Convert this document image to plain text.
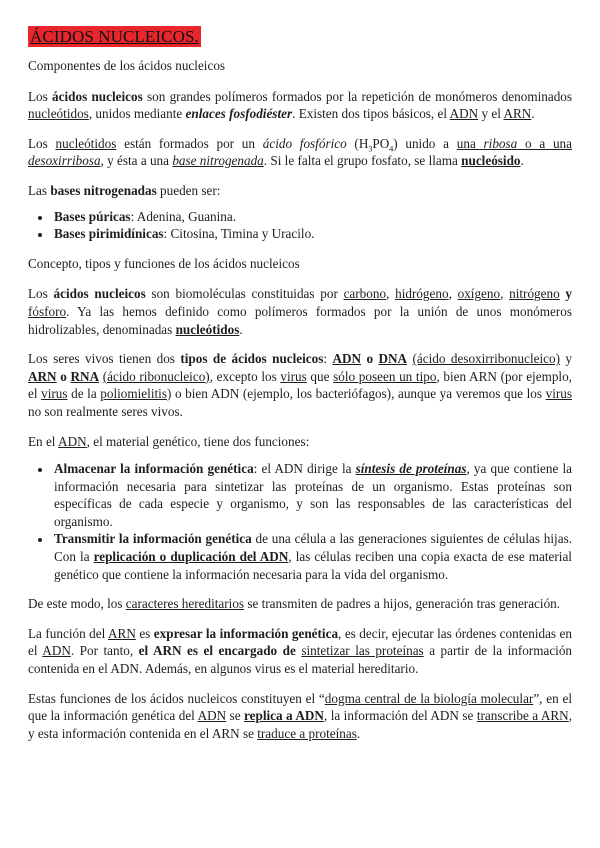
ÁCIDOS NUCLEICOS.

Componentes de los ácidos nucleicos

Los ácidos nucleicos son grandes polímeros formados por la repetición de monómeros denominados nucleótidos, unidos mediante enlaces fosfodiéster. Existen dos tipos básicos, el ADN y el ARN.

Los nucleótidos están formados por un ácido fosfórico $(H_3PO_4)$ unido a una ribosa o a una desoxirribosa, y ésta a una base nitrogenada. Si le falta el grupo fosfato, se llama nucleósido.

Las bases nitrogenadas pueden ser:

• Bases púricas: Adenina, Guanina.
• Bases pirimidínicas: Citosina, Timina y Uracilo.

Concepto, tipos y funciones de los ácidos nucleicos

Los ácidos nucleicos son biomoléculas constituidas por carbono, hidrógeno, oxígeno, nitrógeno y fósforo. Ya las hemos definido como polímeros formados por la unión de unos monómeros hidrolizables, denominadas nucleótidos.

Los seres vivos tienen dos tipos de ácidos nucleicos: ADN o DNA (ácido desoxirribonucleico) y ARN o RNA (ácido ribonucleico), excepto los virus que sólo poseen un tipo, bien ARN (por ejemplo, el virus de la poliomielitis) o bien ADN (ejemplo, los bacteriófagos), aunque ya veremos que los virus no son realmente seres vivos.

En el ADN, el material genético, tiene dos funciones:

• Almacenar la información genética: el ADN dirige la síntesis de proteínas, ya que contiene la información necesaria para sintetizar las proteínas de un organismo. Estas proteínas son específicas de cada especie y organismo, y son las responsables de las características del organismo.
• Transmitir la información genética de una célula a las generaciones siguientes de células hijas. Con la replicación o duplicación del ADN, las células reciben una copia exacta de ese material genético que contiene la información necesaria para la vida del organismo.

De este modo, los caracteres hereditarios se transmiten de padres a hijos, generación tras generación.

La función del ARN es expresar la información genética, es decir, ejecutar las órdenes contenidas en el ADN. Por tanto, el ARN es el encargado de sintetizar las proteínas a partir de la información contenida en el ADN. Además, en algunos virus es el material hereditario.

Estas funciones de los ácidos nucleicos constituyen el “dogma central de la biología molecular”, en el que la información genética del ADN se replica a ADN, la información del ADN se transcribe a ARN, y esta información contenida en el ARN se traduce a proteínas.
